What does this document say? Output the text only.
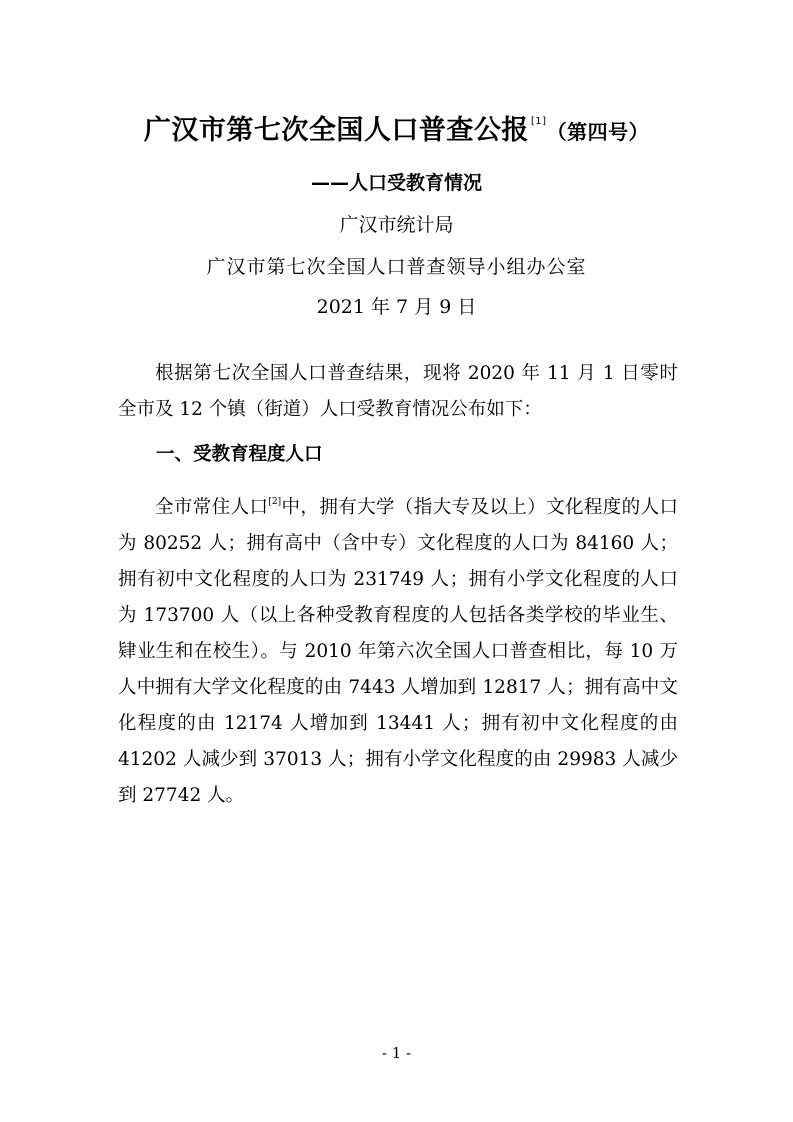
广汉市第七次全国人口普查公报 [1]（第四号）
——人口受教育情况
广汉市统计局
广汉市第七次全国人口普查领导小组办公室
2021 年 7 月 9 日
根据第七次全国人口普查结果，现将 2020 年 11 月 1 日零时全市及 12 个镇（街道）人口受教育情况公布如下：
一、受教育程度人口
全市常住人口[2]中，拥有大学（指大专及以上）文化程度的人口为 80252 人；拥有高中（含中专）文化程度的人口为 84160 人；拥有初中文化程度的人口为 231749 人；拥有小学文化程度的人口为 173700 人（以上各种受教育程度的人包括各类学校的毕业生、肄业生和在校生）。与 2010 年第六次全国人口普查相比，每 10 万人中拥有大学文化程度的由 7443 人增加到 12817 人；拥有高中文化程度的由 12174 人增加到 13441 人；拥有初中文化程度的由 41202 人减少到 37013 人；拥有小学文化程度的由 29983 人减少到 27742 人。
- 1 -
